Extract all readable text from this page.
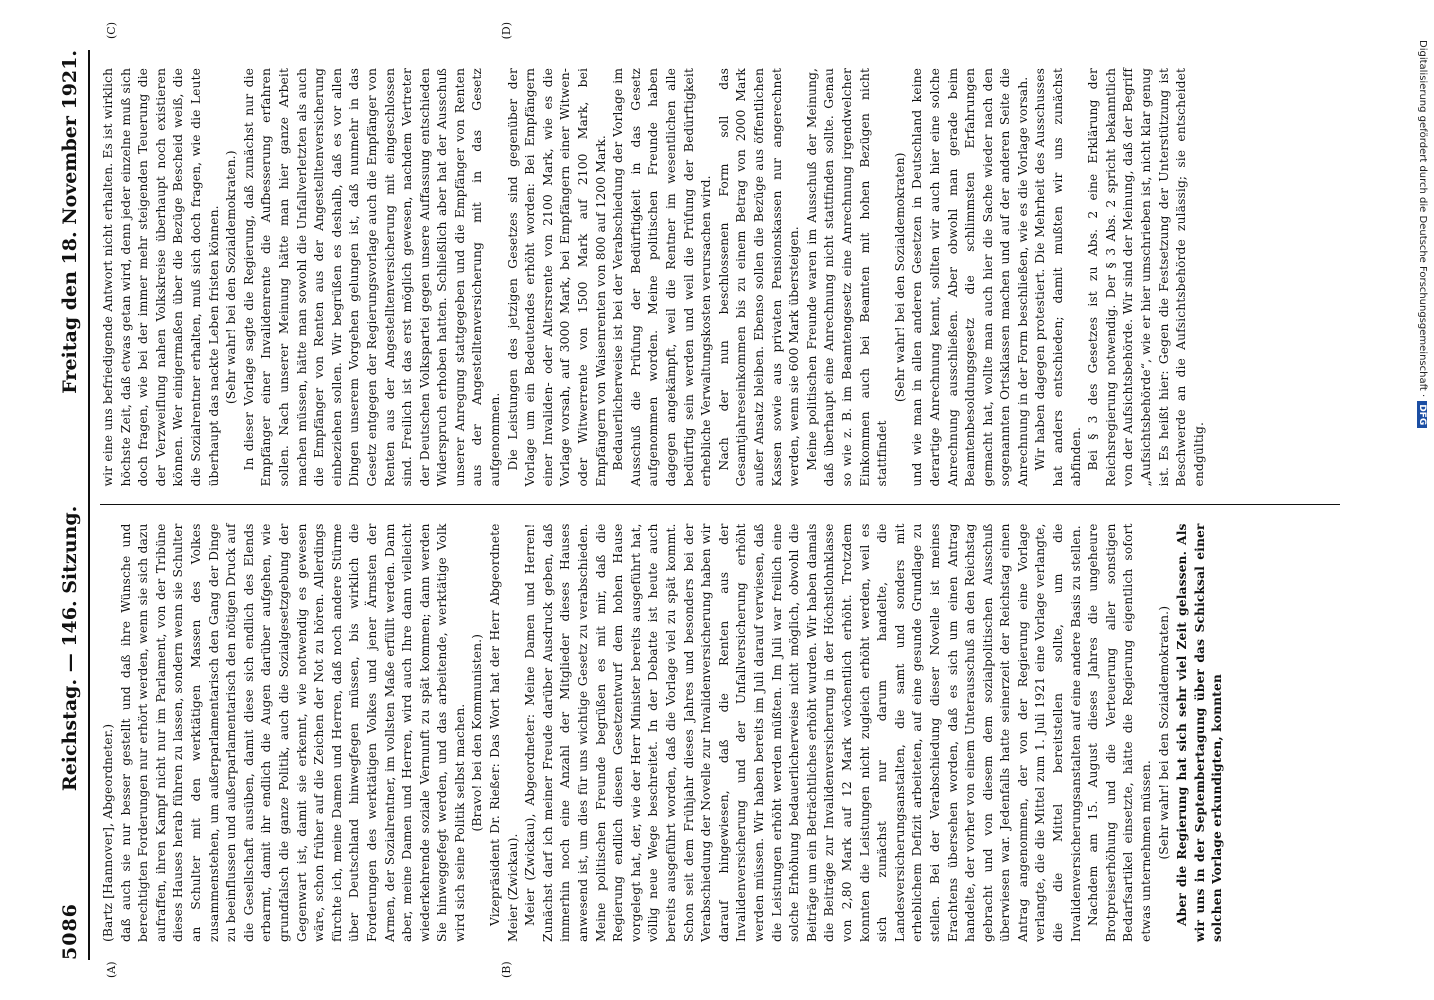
5086
Reichstag. — 146. Sitzung.
Freitag den 18. November 1921.

(Bartz [Hannover], Abgeordneter.) daß auch sie nur besser gestellt und daß ihre Wünsche und berechtigten Forderungen nur erhört werden, wenn sie sich dazu aufraffen, ihren Kampf nicht nur im Parlament, von der Tribüne dieses Hauses herab führen zu lassen, sondern wenn sie Schulter an Schulter mit den werktätigen Massen des Volkes zusammenstehen, um außerparlamentarisch den Gang der Dinge zu beeinflussen und außerparlamentarisch den nötigen Druck auf die Gesellschaft ausüben, damit diese sich endlich des Elends erbarmt, damit ihr endlich die Augen darüber aufgehen, wie grundfalsch die ganze Politik, auch die Sozialgesetzgebung der Gegenwart ist, damit sie erkennt, wie notwendig es gewesen wäre, schon früher auf die Zeichen der Not zu hören. Allerdings fürchte ich, meine Damen und Herren, daß noch andere Stürme über Deutschland hinwegfegen müssen, bis wirklich die Forderungen des werktätigen Volkes und jener Ärmsten der Armen, der Sozialrentner, im vollsten Maße erfüllt werden. Dann aber, meine Damen und Herren, wird auch Ihre dann vielleicht wiederkehrende soziale Vernunft zu spät kommen; dann werden Sie hinweggefegt werden, und das arbeitende, werktätige Volk wird sich seine Politik selbst machen. (Bravo! bei den Kommunisten.) Vizepräsident Dr. Rießer: Das Wort hat der Herr Abgeordnete Meier (Zwickau). Meier (Zwickau), Abgeordneter: Meine Damen und Herren! Zunächst darf ich meiner Freude darüber Ausdruck geben, daß immerhin noch eine Anzahl der Mitglieder dieses Hauses anwesend ist, um dies für uns wichtige Gesetz zu verabschieden. Meine politischen Freunde begrüßen es mit mir, daß die Regierung endlich diesen Gesetzentwurf dem hohen Hause vorgelegt hat, der, wie der Herr Minister bereits ausgeführt hat, völlig neue Wege beschreitet. In der Debatte ist heute auch bereits ausgeführt worden, daß die Vorlage viel zu spät kommt. Schon seit dem Frühjahr dieses Jahres und besonders bei der Verabschiedung der Novelle zur Invalidenversicherung haben wir darauf hingewiesen, daß die Renten aus der Invalidenversicherung und der Unfallversicherung erhöht werden müssen. Wir haben bereits im Juli darauf verwiesen, daß die Leistungen erhöht werden müßten. Im Juli war freilich eine solche Erhöhung bedauerlicherweise nicht möglich, obwohl die Beiträge um ein Beträchtliches erhöht wurden. Wir haben damals die Beiträge zur Invalidenversicherung in der Höchstlohnklasse von 2,80 Mark auf 12 Mark wöchentlich erhöht. Trotzdem konnten die Leistungen nicht zugleich erhöht werden, weil es sich zunächst nur darum handelte, die Landesversicherungsanstalten, die samt und sonders mit erheblichem Defizit arbeiteten, auf eine gesunde Grundlage zu stellen. Bei der Verabschiedung dieser Novelle ist meines Erachtens übersehen worden, daß es sich um einen Antrag handelte, der vorher von einem Unterausschuß an den Reichstag gebracht und von diesem dem sozialpolitischen Ausschuß überwiesen war. Jedenfalls hatte seinerzeit der Reichstag einen Antrag angenommen, der von der Regierung eine Vorlage verlangte, die die Mittel zum 1. Juli 1921 eine Vorlage verlangte, die die Mittel bereitstellen sollte, um die Invalidenversicherungsanstalten auf eine andere Basis zu stellen. Nachdem am 15. August dieses Jahres die ungeheure Brotpreiserhöhung und die Verteuerung aller sonstigen Bedarfsartikel einsetzte, hätte die Regierung eigentlich sofort etwas unternehmen müssen. (Sehr wahr! bei den Sozialdemokraten.) Aber die Regierung hat sich sehr viel Zeit gelassen. Als wir uns in der Septembertagung über das Schicksal einer solchen Vorlage erkundigten, konnten

wir eine uns befriedigende Antwort nicht erhalten. Es ist wirklich höchste Zeit, daß etwas getan wird, denn jeder einzelne muß sich doch fragen, wie bei der immer mehr steigenden Teuerung die der Verzweiflung nahen Volkskreise überhaupt noch existieren können. Wer einigermaßen über die Bezüge Bescheid weiß, die die Sozialrentner erhalten, muß sich doch fragen, wie die Leute überhaupt das nackte Leben fristen können. (Sehr wahr! bei den Sozialdemokraten.) In dieser Vorlage sagte die Regierung, daß zunächst nur die Empfänger einer Invalidenrente die Aufbesserung erfahren sollen. Nach unserer Meinung hätte man hier ganze Arbeit machen müssen, hätte man sowohl die Unfallverletzten als auch die Empfänger von Renten aus der Angestelltenversicherung einbeziehen sollen. Wir begrüßen es deshalb, daß es vor allen Dingen unserem Vorgehen gelungen ist, daß nunmehr in das Gesetz entgegen der Regierungsvorlage auch die Empfänger von Renten aus der Angestelltenversicherung mit eingeschlossen sind. Freilich ist das erst möglich gewesen, nachdem Vertreter der Deutschen Volkspartei gegen unsere Auffassung entschieden Widerspruch erhoben hatten. Schließlich aber hat der Ausschuß unserer Anregung stattgegeben und die Empfänger von Renten aus der Angestelltenversicherung mit in das Gesetz aufgenommen. Die Leistungen des jetzigen Gesetzes sind gegenüber der Vorlage um ein Bedeutendes erhöht worden: Bei Empfängern einer Invaliden- oder Altersrente von 2100 Mark, wie es die Vorlage vorsah, auf 3000 Mark, bei Empfängern einer Witwen- oder Witwerrente von 1500 Mark auf 2100 Mark, bei Empfängern von Waisenrenten von 800 auf 1200 Mark. Bedauerlicherweise ist bei der Verabschiedung der Vorlage im Ausschuß die Prüfung der Bedürftigkeit in das Gesetz aufgenommen worden. Meine politischen Freunde haben dagegen angekämpft, weil die Rentner im wesentlichen alle bedürftig sein werden und weil die Prüfung der Bedürftigkeit erhebliche Verwaltungskosten verursachen wird. Nach der nun beschlossenen Form soll das Gesamtjahreseinkommen bis zu einem Betrag von 2000 Mark außer Ansatz bleiben. Ebenso sollen die Bezüge aus öffentlichen Kassen sowie aus privaten Pensionskassen nur angerechnet werden, wenn sie 600 Mark übersteigen. Meine politischen Freunde waren im Ausschuß der Meinung, daß überhaupt eine Anrechnung nicht stattfinden sollte. Genau so wie z. B. im Beamtengesetz eine Anrechnung irgendwelcher Einkommen auch bei Beamten mit hohen Bezügen nicht stattfindet

(Sehr wahr! bei den Sozialdemokraten) und wie man in allen anderen Gesetzen in Deutschland keine derartige Anrechnung kennt, sollten wir auch hier eine solche Anrechnung ausschließen. Aber obwohl man gerade beim Beamtenbesoldungsgesetz die schlimmsten Erfahrungen gemacht hat, wollte man auch hier die Sache wieder nach den sogenannten Ortsklassen machen und auf der anderen Seite die Anrechnung in der Form beschließen, wie es die Vorlage vorsah. Wir haben dagegen protestiert. Die Mehrheit des Ausschusses hat anders entschieden; damit mußten wir uns zunächst abfinden. Bei § 3 des Gesetzes ist zu Abs. 2 eine Erklärung der Reichsregierung notwendig. Der § 3 Abs. 2 spricht bekanntlich von der Aufsichtsbehörde. Wir sind der Meinung, daß der Begriff „Aufsichtsbehörde“, wie er hier umschrieben ist, nicht klar genug ist. Es heißt hier: Gegen die Festsetzung der Unterstützung ist Beschwerde an die Aufsichtsbehörde zulässig; sie entscheidet endgültig.

(A)	(B)
(C)	(D)
Digitalisierung gefördert durch die Deutsche Forschungsgemeinschaft ·DFG
